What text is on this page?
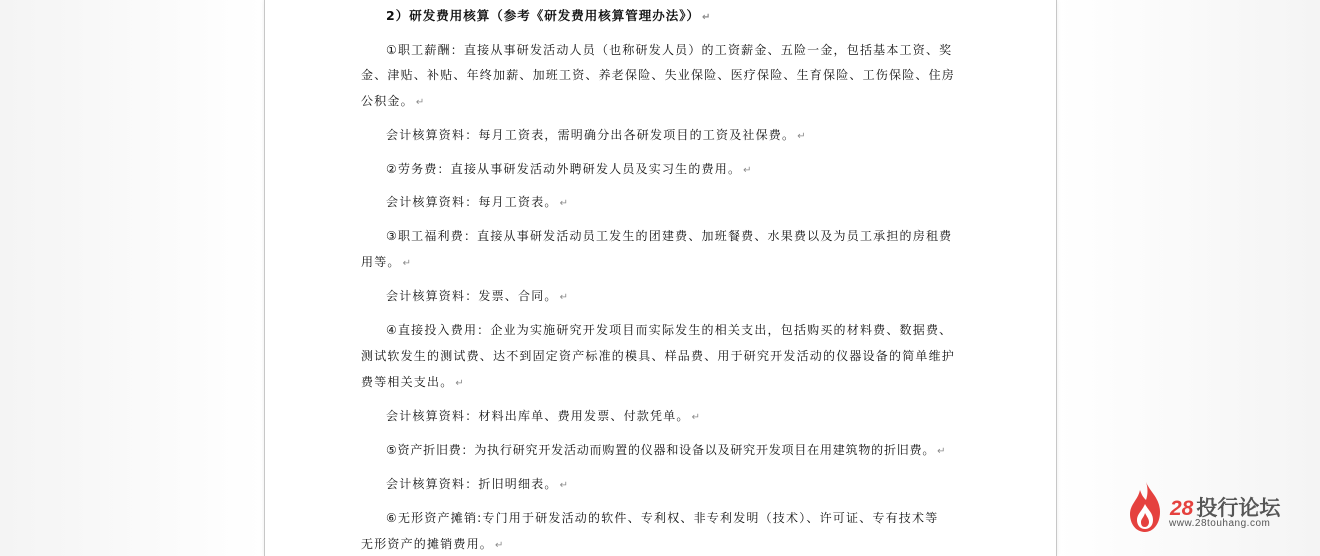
2）研发费用核算（参考《研发费用核算管理办法》） ↵
①职工薪酬：直接从事研发活动人员（也称研发人员）的工资薪金、五险一金，包括基本工资、奖
金、津贴、补贴、年终加薪、加班工资、养老保险、失业保险、医疗保险、生育保险、工伤保险、住房
公积金。 ↵
会计核算资料：每月工资表，需明确分出各研发项目的工资及社保费。 ↵
②劳务费：直接从事研发活动外聘研发人员及实习生的费用。 ↵
会计核算资料：每月工资表。 ↵
③职工福利费：直接从事研发活动员工发生的团建费、加班餐费、水果费以及为员工承担的房租费
用等。 ↵
会计核算资料：发票、合同。 ↵
④直接投入费用：企业为实施研究开发项目而实际发生的相关支出，包括购买的材料费、数据费、
测试软发生的测试费、达不到固定资产标准的模具、样品费、用于研究开发活动的仪器设备的简单维护
费等相关支出。 ↵
会计核算资料：材料出库单、费用发票、付款凭单。 ↵
⑤资产折旧费：为执行研究开发活动而购置的仪器和设备以及研究开发项目在用建筑物的折旧费。 ↵
会计核算资料：折旧明细表。 ↵
⑥无形资产摊销:专门用于研发活动的软件、专利权、非专利发明（技术）、许可证、专有技术等
无形资产的摊销费用。 ↵
28 投行论坛
www.28touhang.com
